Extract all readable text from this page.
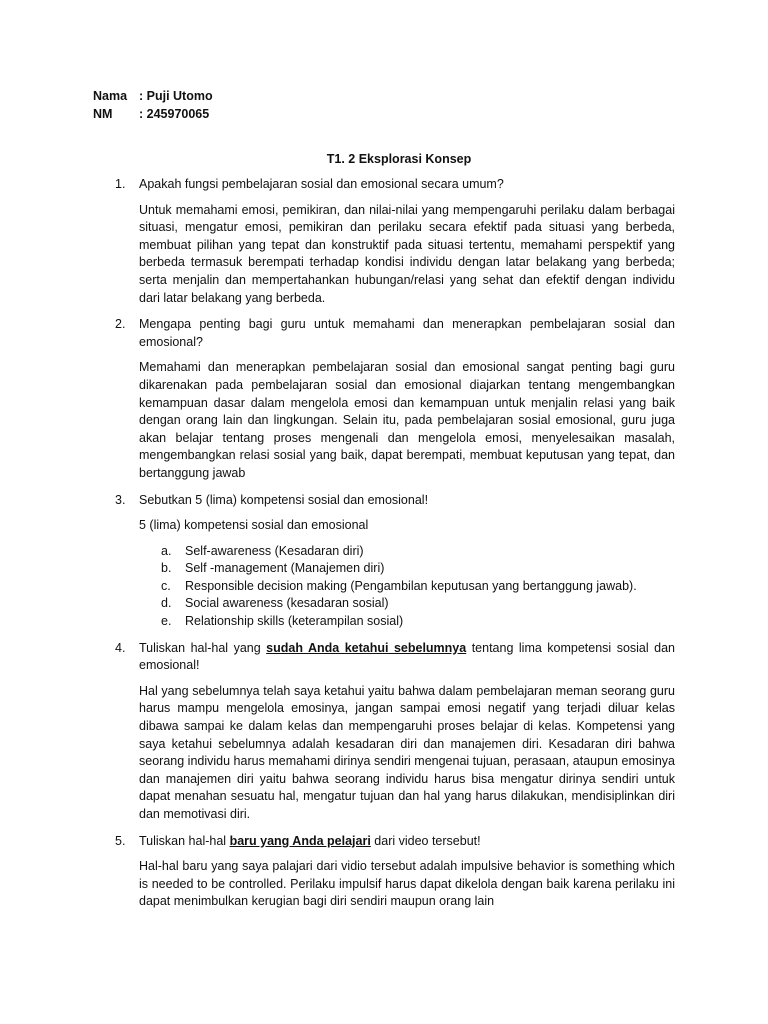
Nama : Puji Utomo
NM	: 245970065
T1. 2 Eksplorasi Konsep
1. Apakah fungsi pembelajaran sosial dan emosional secara umum?
Untuk memahami emosi, pemikiran, dan nilai-nilai yang mempengaruhi perilaku dalam berbagai situasi, mengatur emosi, pemikiran dan perilaku secara efektif pada situasi yang berbeda, membuat pilihan yang tepat dan konstruktif pada situasi tertentu, memahami perspektif yang berbeda termasuk berempati terhadap kondisi individu dengan latar belakang yang berbeda; serta menjalin dan mempertahankan hubungan/relasi yang sehat dan efektif dengan individu dari latar belakang yang berbeda.
2. Mengapa penting bagi guru untuk memahami dan menerapkan pembelajaran sosial dan emosional?
Memahami dan menerapkan pembelajaran sosial dan emosional sangat penting bagi guru dikarenakan pada pembelajaran sosial dan emosional diajarkan tentang mengembangkan kemampuan dasar dalam mengelola emosi dan kemampuan untuk menjalin relasi yang baik dengan orang lain dan lingkungan. Selain itu, pada pembelajaran sosial emosional, guru juga akan belajar tentang proses mengenali dan mengelola emosi, menyelesaikan masalah, mengembangkan relasi sosial yang baik, dapat berempati, membuat keputusan yang tepat, dan bertanggung jawab
3. Sebutkan 5 (lima) kompetensi sosial dan emosional!
5 (lima) kompetensi sosial dan emosional
a. Self-awareness (Kesadaran diri)
b. Self -management (Manajemen diri)
c. Responsible decision making (Pengambilan keputusan yang bertanggung jawab).
d. Social awareness (kesadaran sosial)
e. Relationship skills (keterampilan sosial)
4. Tuliskan hal-hal yang sudah Anda ketahui sebelumnya tentang lima kompetensi sosial dan emosional!
Hal yang sebelumnya telah saya ketahui yaitu bahwa dalam pembelajaran meman seorang guru harus mampu mengelola emosinya, jangan sampai emosi negatif yang terjadi diluar kelas dibawa sampai ke dalam kelas dan mempengaruhi proses belajar di kelas. Kompetensi yang saya ketahui sebelumnya adalah kesadaran diri dan manajemen diri. Kesadaran diri bahwa seorang individu harus memahami dirinya sendiri mengenai tujuan, perasaan, ataupun emosinya dan manajemen diri yaitu bahwa seorang individu harus bisa mengatur dirinya sendiri untuk dapat menahan sesuatu hal, mengatur tujuan dan hal yang harus dilakukan, mendisiplinkan diri dan memotivasi diri.
5. Tuliskan hal-hal baru yang Anda pelajari dari video tersebut!
Hal-hal baru yang saya palajari dari vidio tersebut adalah impulsive behavior is something which is needed to be controlled. Perilaku impulsif harus dapat dikelola dengan baik karena perilaku ini dapat menimbulkan kerugian bagi diri sendiri maupun orang lain
